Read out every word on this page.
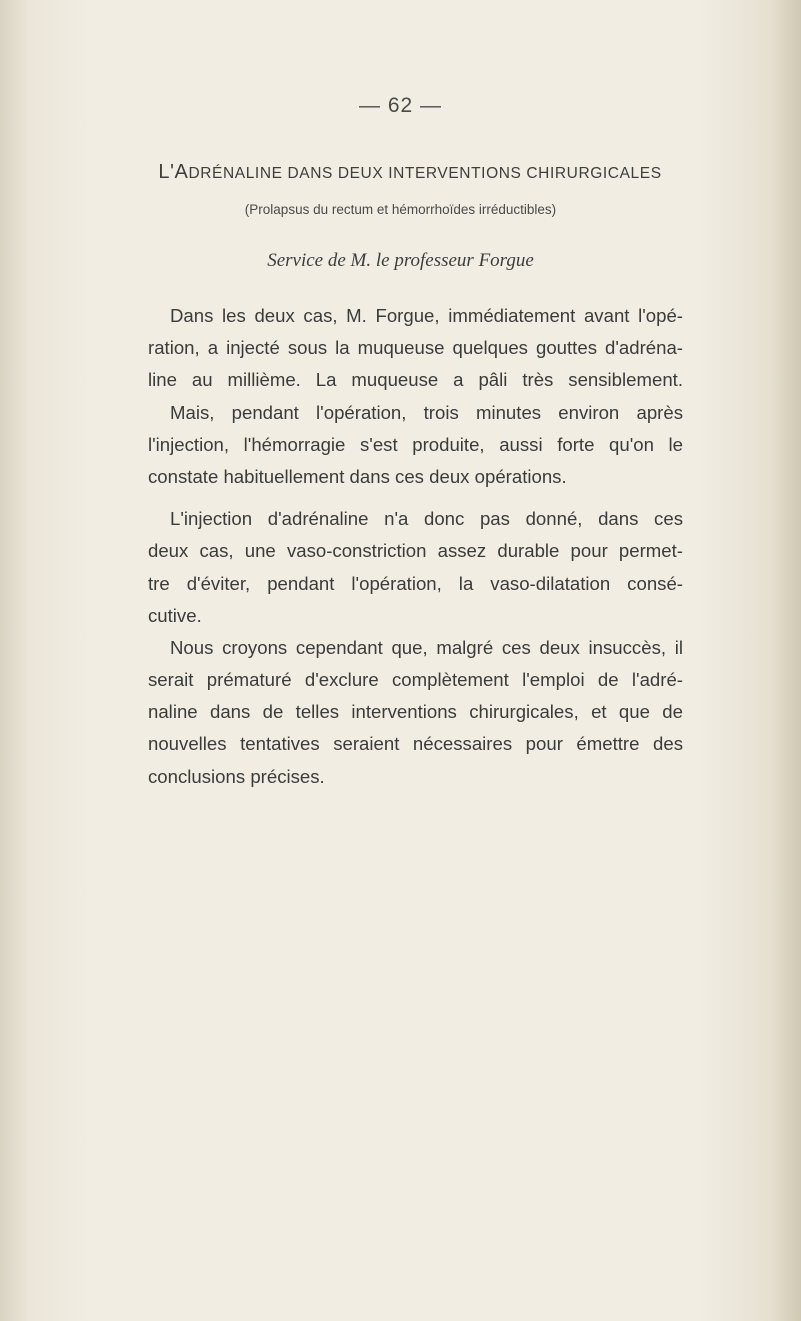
— 62 —
L'ADRÉNALINE DANS DEUX INTERVENTIONS CHIRURGICALES
(Prolapsus du rectum et hémorrhoïdes irréductibles)
Service de M. le professeur Forgue
Dans les deux cas, M. Forgue, immédiatement avant l'opé-
ration, a injecté sous la muqueuse quelques gouttes d'adréna-
line au millième. La muqueuse a pâli très sensiblement.
Mais, pendant l'opération, trois minutes environ après
l'injection, l'hémorragie s'est produite, aussi forte qu'on le
constate habituellement dans ces deux opérations.
L'injection d'adrénaline n'a donc pas donné, dans ces
deux cas, une vaso-constriction assez durable pour permet-
tre d'éviter, pendant l'opération, la vaso-dilatation consé-
cutive.
Nous croyons cependant que, malgré ces deux insuccès, il
serait prématuré d'exclure complètement l'emploi de l'adré-
naline dans de telles interventions chirurgicales, et que de
nouvelles tentatives seraient nécessaires pour émettre des
conclusions précises.
